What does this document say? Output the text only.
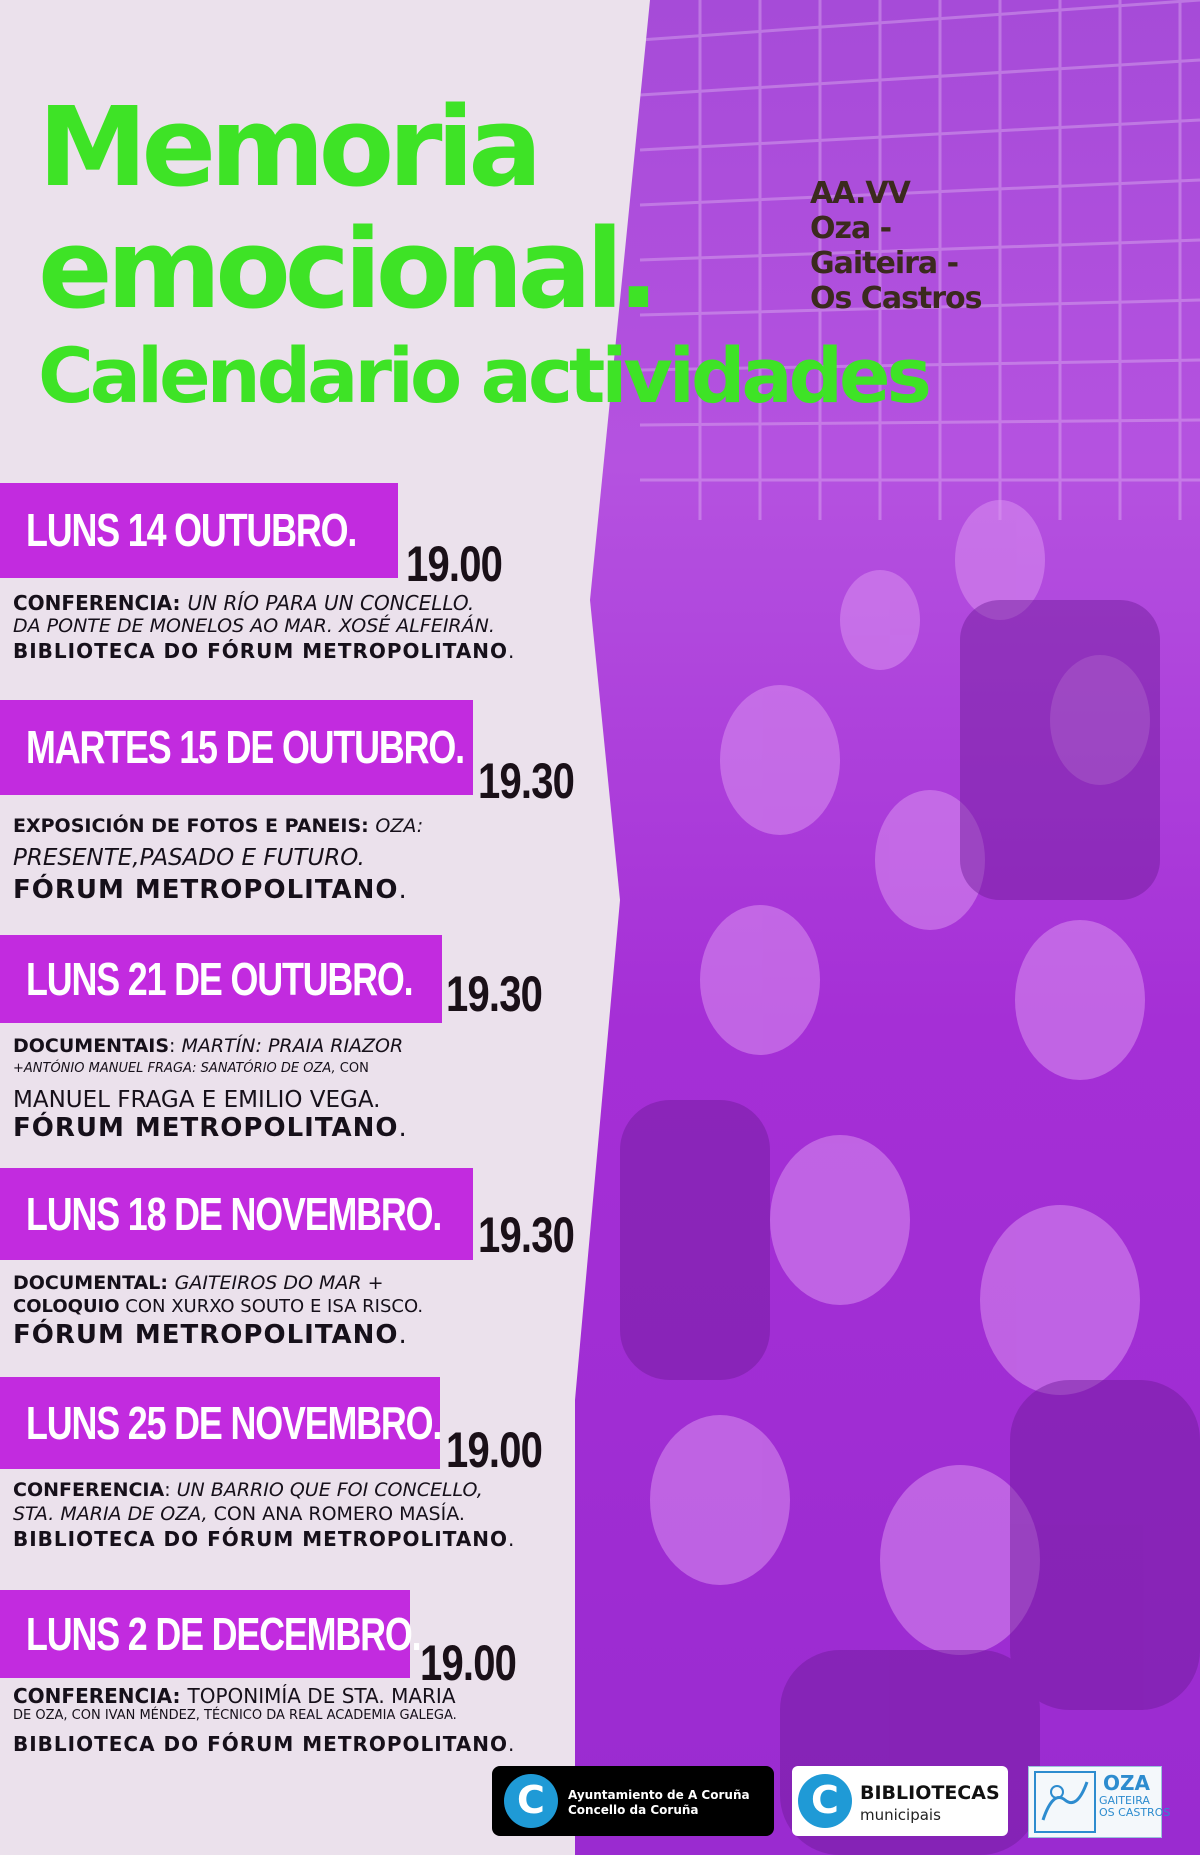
Memoria
emocional.
Calendario actividades
AA.VV
Oza -
Gaiteira -
Os Castros
LUNS 14 OUTUBRO.
19.00
CONFERENCIA: UN RÍO PARA UN CONCELLO.
DA PONTE DE MONELOS AO MAR. XOSÉ ALFEIRÁN.
BIBLIOTECA DO FÓRUM METROPOLITANO.
MARTES 15 DE OUTUBRO.
19.30
EXPOSICIÓN DE FOTOS E PANEIS: OZA:
PRESENTE,PASADO E FUTURO.
FÓRUM METROPOLITANO.
LUNS 21 DE OUTUBRO. 19.30
DOCUMENTAIS: MARTÍN: PRAIA RIAZOR
+ANTÓNIO MANUEL FRAGA: SANATÓRIO DE OZA, CON
MANUEL FRAGA E EMILIO VEGA.
FÓRUM METROPOLITANO.
LUNS 18 DE NOVEMBRO. 19.30
DOCUMENTAL: GAITEIROS DO MAR +
COLOQUIO CON XURXO SOUTO E ISA RISCO.
FÓRUM METROPOLITANO.
LUNS 25 DE NOVEMBRO. 19.00
CONFERENCIA: UN BARRIO QUE FOI CONCELLO,
STA. MARIA DE OZA, CON ANA ROMERO MASÍA.
BIBLIOTECA DO FÓRUM METROPOLITANO.
LUNS 2 DE DECEMBRO.
19.00
CONFERENCIA: TOPONIMÍA DE STA. MARIA
DE OZA, CON IVAN MÉNDEZ, TÉCNICO DA REAL ACADEMIA GALEGA.
BIBLIOTECA DO FÓRUM METROPOLITANO.
C	Ayuntamiento de A Coruña
Concello da Coruña	C	BIBLIOTECAS
municipais
OZA
GAITEIRA
OS CASTROS
